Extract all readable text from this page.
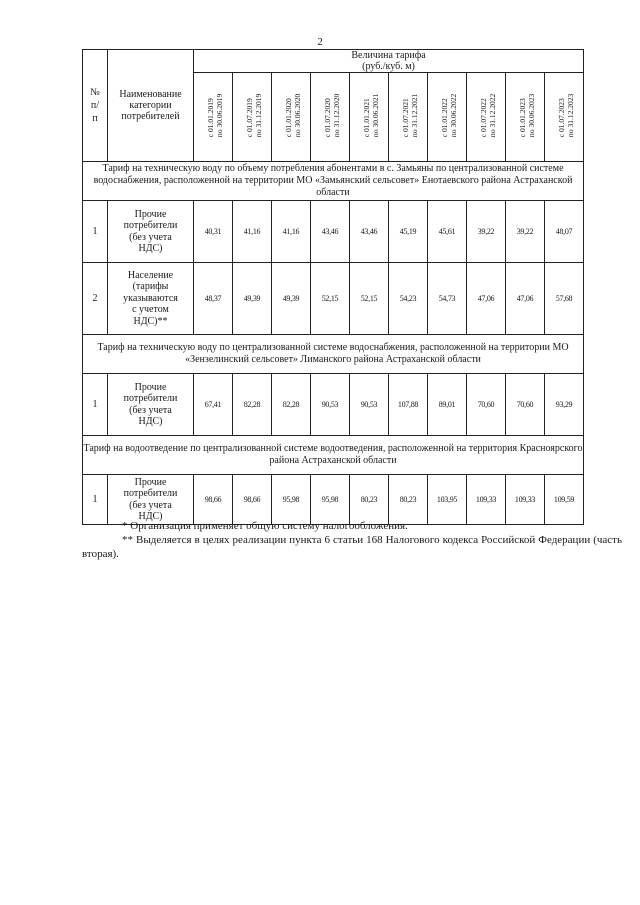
2
№
п/
п	Наименование
категории
потребителей	Величина тарифа
(руб./куб. м)									
		с 01.01.2019
по 30.06.2019	с 01.07.2019
по 31.12.2019	с 01.01.2020
по 30.06.2020	с 01.07.2020
по 31.12.2020	с 01.01.2021
по 30.06.2021	с 01.07.2021
по 31.12.2021	с 01.01.2022
по 30.06.2022	с 01.07.2022
по 31.12.2022	с 01.01.2023
по 30.06.2023	с 01.07.2023
по 31.12.2023
Тариф на техническую воду по объему потребления абонентами в с. Замьяны по централизованной системе водоснабжения, расположенной на территории МО «Замьянский сельсовет» Енотаевского района Астраханской области											
1	Прочие
потребители
(без учета
НДС)	40,31	41,16	41,16	43,46	43,46	45,19	45,61	39,22	39,22	48,07
2	Население
(тарифы
указываются
с учетом
НДС)**	48,37	49,39	49,39	52,15	52,15	54,23	54,73	47,06	47,06	57,68
Тариф на техническую воду по централизованной системе водоснабжения, расположенной на территории МО «Зензелинский сельсовет» Лиманского района Астраханской области											
1	Прочие
потребители
(без учета
НДС)	67,41	82,28	82,28	90,53	90,53	107,88	89,01	70,60	70,60	93,29
Тариф на водоотведение по централизованной системе водоотведения, расположенной на территория Красноярского района Астраханской области											
1	Прочие
потребители
(без учета
НДС)	98,66	98,66	95,98	95,98	80,23	80,23	103,95	109,33	109,33	109,59

* Организация применяет общую систему налогообложения.

** Выделяется в целях реализации пункта 6 статьи 168 Налогового кодекса Российской Федерации (часть вторая).
